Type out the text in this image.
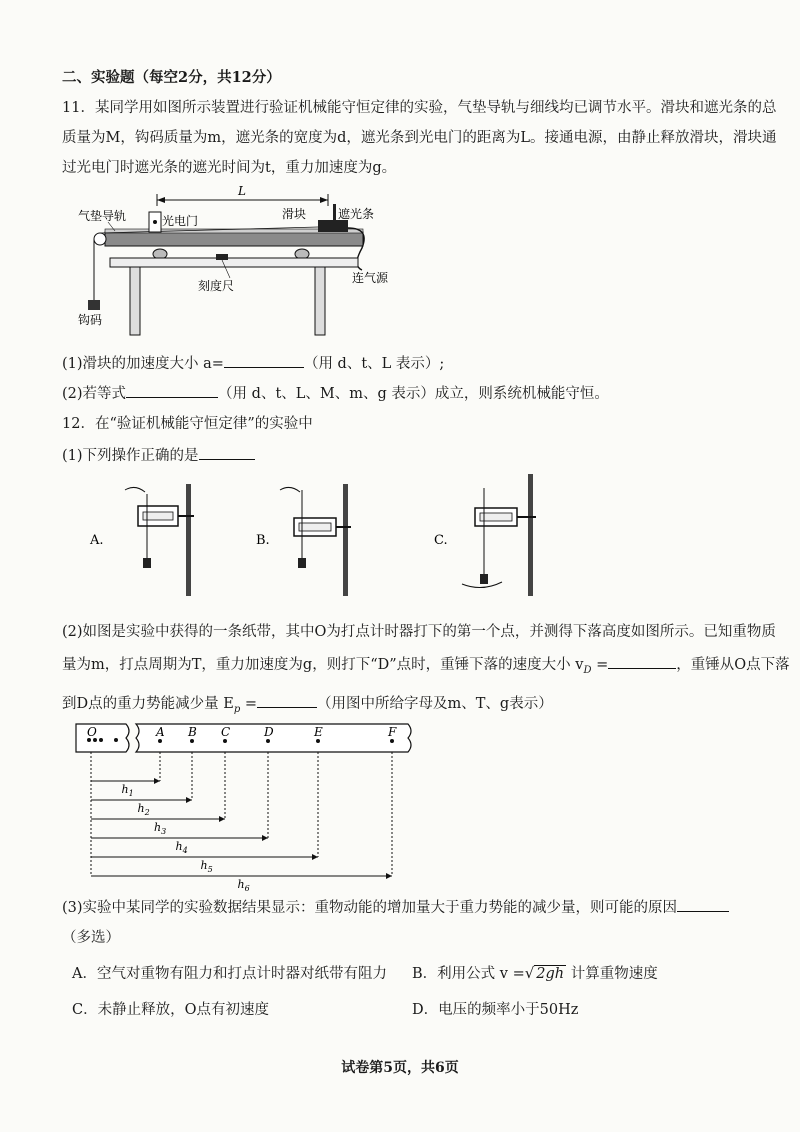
二、实验题（每空2分，共12分）
11．某同学用如图所示装置进行验证机械能守恒定律的实验，气垫导轨与细线均已调节水平。滑块和遮光条的总
质量为M，钩码质量为m，遮光条的宽度为d，遮光条到光电门的距离为L。接通电源，由静止释放滑块，滑块通
过光电门时遮光条的遮光时间为t，重力加速度为g。
L
气垫导轨	光电门	滑块	遮光条
刻度尺
连气源
钩码
(1)滑块的加速度大小 a=	（用 d、t、L 表示）;
(2)若等式	（用 d、t、L、M、m、g 表示）成立，则系统机械能守恒。
12．在“验证机械能守恒定律”的实验中
(1)下列操作正确的是
A.	B.	C.
(2)如图是实验中获得的一条纸带，其中O为打点计时器打下的第一个点，并测得下落高度如图所示。已知重物质
量为m，打点周期为T，重力加速度为g，则打下“D”点时，重锤下落的速度大小 $v_D$ =	，重锤从O点下落
到D点的重力势能减少量 $E_p$ =	（用图中所给字母及m、T、g表示）
O	A B C	D	E	F
$h_1$
$h_2$
$h_3$
$h_4$
$h_5$
$h_6$
(3)实验中某同学的实验数据结果显示：重物动能的增加量大于重力势能的减少量，则可能的原因
（多选）
A．空气对重物有阻力和打点计时器对纸带有阻力 B．利用公式 v =√ 2gh 计算重物速度
C．未静止释放，O点有初速度	D．电压的频率小于50Hz
试卷第5页，共6页
